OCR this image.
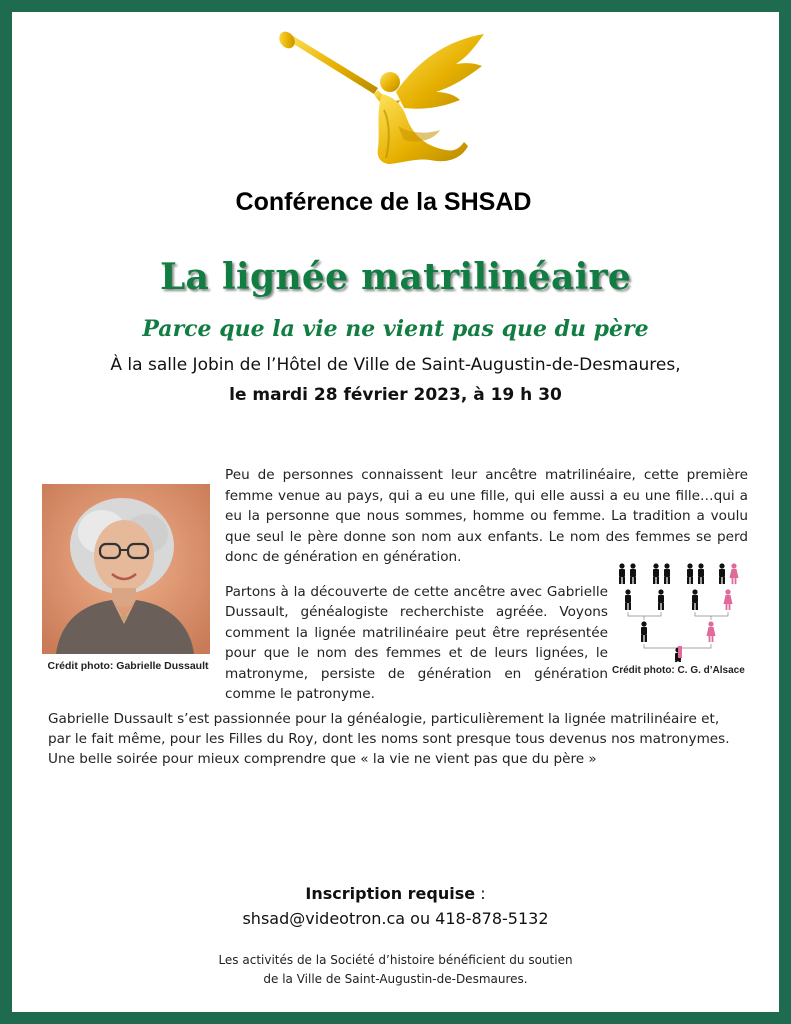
Conférence de la SHSAD
La lignée matrilinéaire
Parce que la vie ne vient pas que du père
À la salle Jobin de l’Hôtel de Ville de Saint-Augustin-de-Desmaures,
le mardi 28 février 2023, à 19 h 30
Crédit photo: Gabrielle Dussault

Peu de personnes connaissent leur ancêtre matrilinéaire, cette première femme venue au pays, qui a eu une fille, qui elle aussi a eu une fille…qui a eu la personne que nous sommes, homme ou femme. La tradition a voulu que seul le père donne son nom aux enfants. Le nom des femmes se perd donc de génération en génération.

Partons à la découverte de cette ancêtre avec Gabrielle Dussault, généalogiste recherchiste agréée. Voyons comment la lignée matrilinéaire peut être représentée pour que le nom des femmes et de leurs lignées, le matronyme, persiste de génération en génération comme le patronyme.

Crédit photo: C. G. d’Alsace

Gabrielle Dussault s’est passionnée pour la généalogie, particulièrement la lignée matrilinéaire et,

par le fait même, pour les Filles du Roy, dont les noms sont presque tous devenus nos matronymes.

Une belle soirée pour mieux comprendre que « la vie ne vient pas que du père »

Inscription requise :
shsad@videotron.ca ou 418-878-5132
Les activités de la Société d’histoire bénéficient du soutien
de la Ville de Saint-Augustin-de-Desmaures.
